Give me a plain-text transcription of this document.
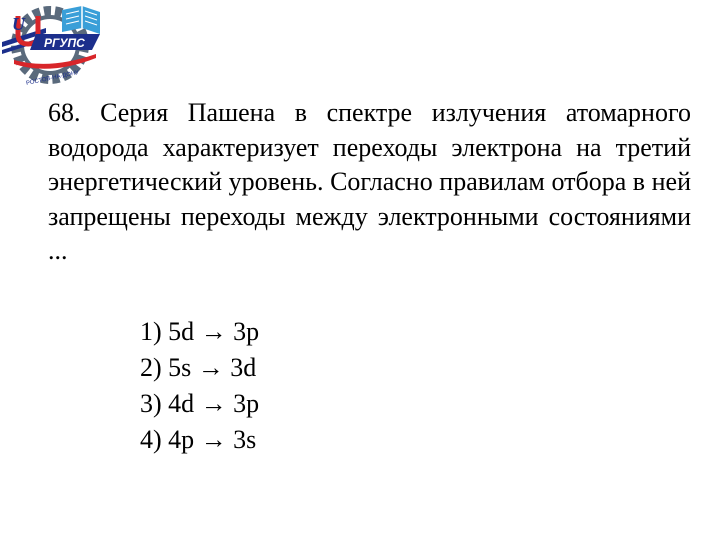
U
РГУПС
РОСТОВ-НА-ДОНУ

68. Серия Пашена в спектре излучения атомарного водорода характеризует переходы электрона на третий энергетический уровень. Согласно правилам отбора в ней запрещены переходы между электронными состояниями ...

1) 5d → 3p
2) 5s → 3d
3) 4d → 3p
4) 4p → 3s
